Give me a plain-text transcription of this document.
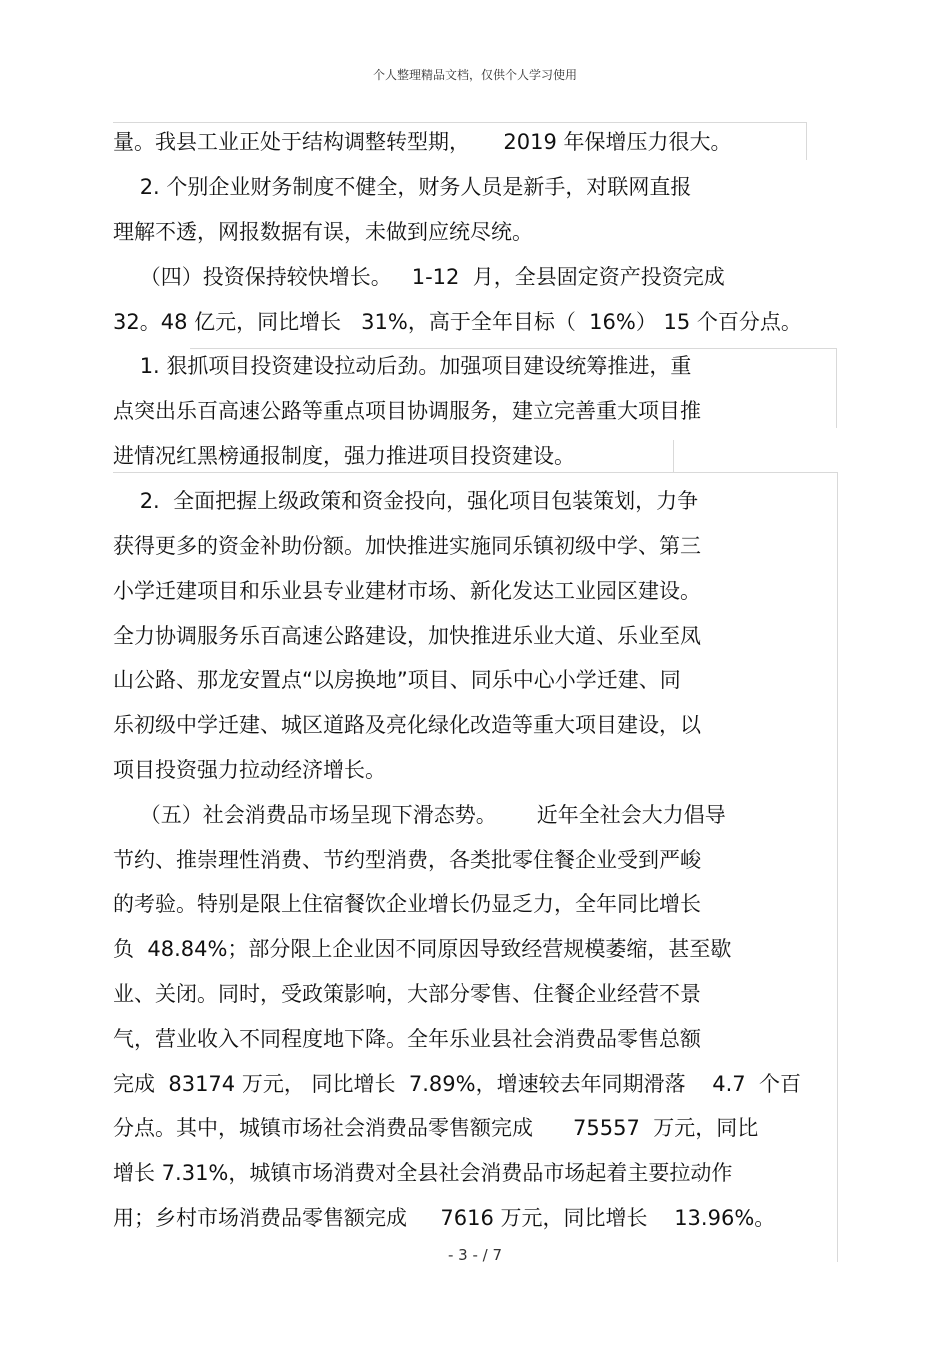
个人整理精品文档，仅供个人学习使用
量。我县工业正处于结构调整转型期，     2019 年保增压力很大。
2. 个别企业财务制度不健全，财务人员是新手，对联网直报
理解不透，网报数据有误，未做到应统尽统。
（四）投资保持较快增长。   1-12  月，全县固定资产投资完成
32。48 亿元，同比增长   31%，高于全年目标（  16%） 15 个百分点。
1. 狠抓项目投资建设拉动后劲。加强项目建设统筹推进，重
点突出乐百高速公路等重点项目协调服务，建立完善重大项目推
进情况红黑榜通报制度，强力推进项目投资建设。
2.  全面把握上级政策和资金投向，强化项目包装策划，力争
获得更多的资金补助份额。加快推进实施同乐镇初级中学、第三
小学迁建项目和乐业县专业建材市场、新化发达工业园区建设。
全力协调服务乐百高速公路建设，加快推进乐业大道、乐业至凤
山公路、那龙安置点“以房换地”项目、同乐中心小学迁建、同
乐初级中学迁建、城区道路及亮化绿化改造等重大项目建设，以
项目投资强力拉动经济增长。
（五）社会消费品市场呈现下滑态势。      近年全社会大力倡导
节约、推崇理性消费、节约型消费，各类批零住餐企业受到严峻
的考验。特别是限上住宿餐饮企业增长仍显乏力，全年同比增长
负  48.84%；部分限上企业因不同原因导致经营规模萎缩，甚至歇
业、关闭。同时，受政策影响，大部分零售、住餐企业经营不景
气，营业收入不同程度地下降。全年乐业县社会消费品零售总额
完成  83174 万元， 同比增长  7.89%，增速较去年同期滑落    4.7  个百
分点。其中，城镇市场社会消费品零售额完成      75557  万元，同比
增长 7.31%，城镇市场消费对全县社会消费品市场起着主要拉动作
用；乡村市场消费品零售额完成     7616 万元，同比增长    13.96%。
- 3 - / 7
